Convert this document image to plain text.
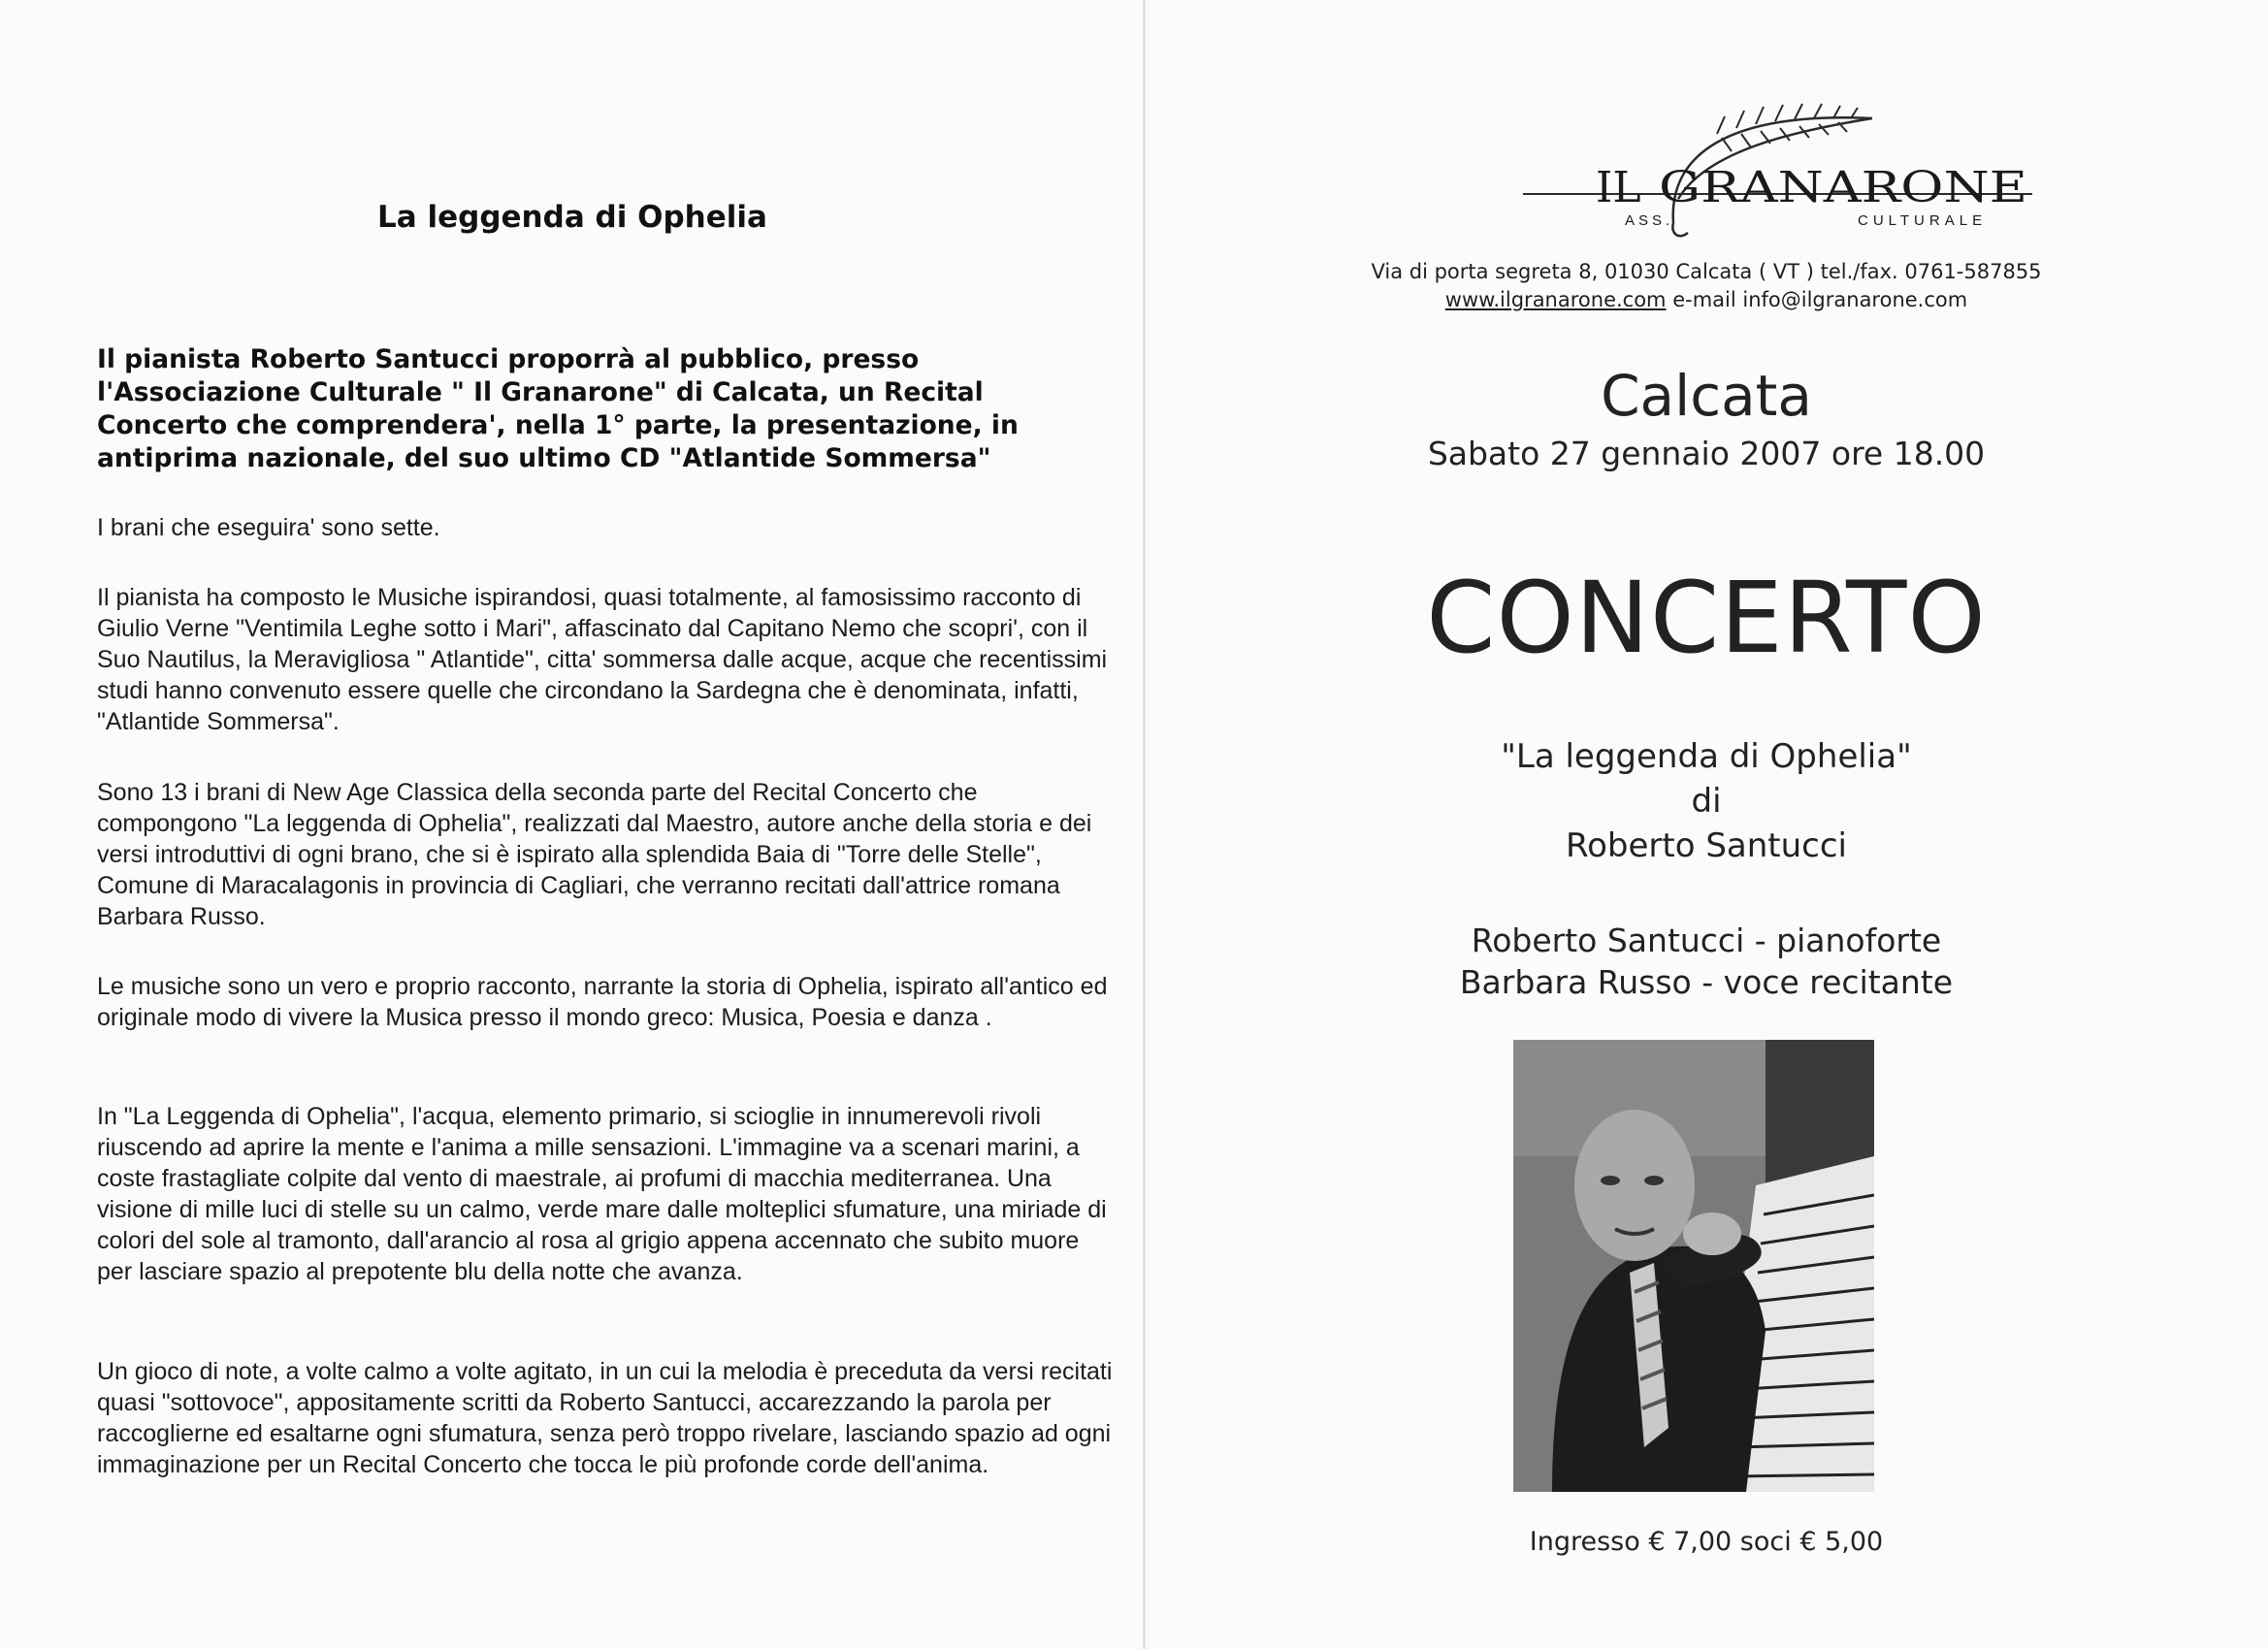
La leggenda di Ophelia

Il pianista Roberto Santucci proporrà al pubblico, presso l'Associazione Culturale " Il Granarone" di Calcata, un Recital Concerto che comprendera', nella 1° parte, la presentazione, in antiprima nazionale, del suo ultimo CD "Atlantide Sommersa"

I brani che eseguira' sono sette.

Il pianista ha composto le Musiche ispirandosi, quasi totalmente, al famosissimo racconto di Giulio Verne "Ventimila Leghe sotto i Mari", affascinato dal Capitano Nemo che scopri', con il Suo Nautilus, la Meravigliosa " Atlantide", citta' sommersa dalle acque, acque che recentissimi studi hanno convenuto essere quelle che circondano la Sardegna che è denominata, infatti, "Atlantide Sommersa".

Sono 13 i brani di New Age Classica della seconda parte del Recital Concerto che compongono "La leggenda di Ophelia", realizzati dal Maestro, autore anche della storia e dei versi introduttivi di ogni brano, che si è ispirato alla splendida Baia di "Torre delle Stelle", Comune di Maracalagonis in provincia di Cagliari, che verranno recitati dall'attrice romana Barbara Russo.

Le musiche sono un vero e proprio racconto, narrante la storia di Ophelia, ispirato all'antico ed originale modo di vivere la Musica presso il mondo greco: Musica, Poesia e danza .

In "La Leggenda di Ophelia", l'acqua, elemento primario, si scioglie in innumerevoli rivoli riuscendo ad aprire la mente e l'anima a mille sensazioni. L'immagine va a scenari marini, a coste frastagliate colpite dal vento di maestrale, ai profumi di macchia mediterranea. Una visione di mille luci di stelle su un calmo, verde mare dalle molteplici sfumature, una miriade di colori del sole al tramonto, dall'arancio al rosa al grigio appena accennato che subito muore per lasciare spazio al prepotente blu della notte che avanza.

Un gioco di note, a volte calmo a volte agitato, in un cui la melodia è preceduta da versi recitati quasi "sottovoce", appositamente scritti da Roberto Santucci, accarezzando la parola per raccoglierne ed esaltarne ogni sfumatura, senza però troppo rivelare, lasciando spazio ad ogni immaginazione per un Recital Concerto che tocca le più profonde corde dell'anima.

IL GRANARONE
ASS.	CULTURALE
Via di porta segreta 8, 01030 Calcata ( VT ) tel./fax. 0761-587855
www.ilgranarone.com e-mail info@ilgranarone.com
Calcata
Sabato 27 gennaio 2007 ore 18.00
CONCERTO
"La leggenda di Ophelia"
di
Roberto Santucci
Roberto Santucci - pianoforte
Barbara Russo - voce recitante
Ingresso € 7,00 soci € 5,00
